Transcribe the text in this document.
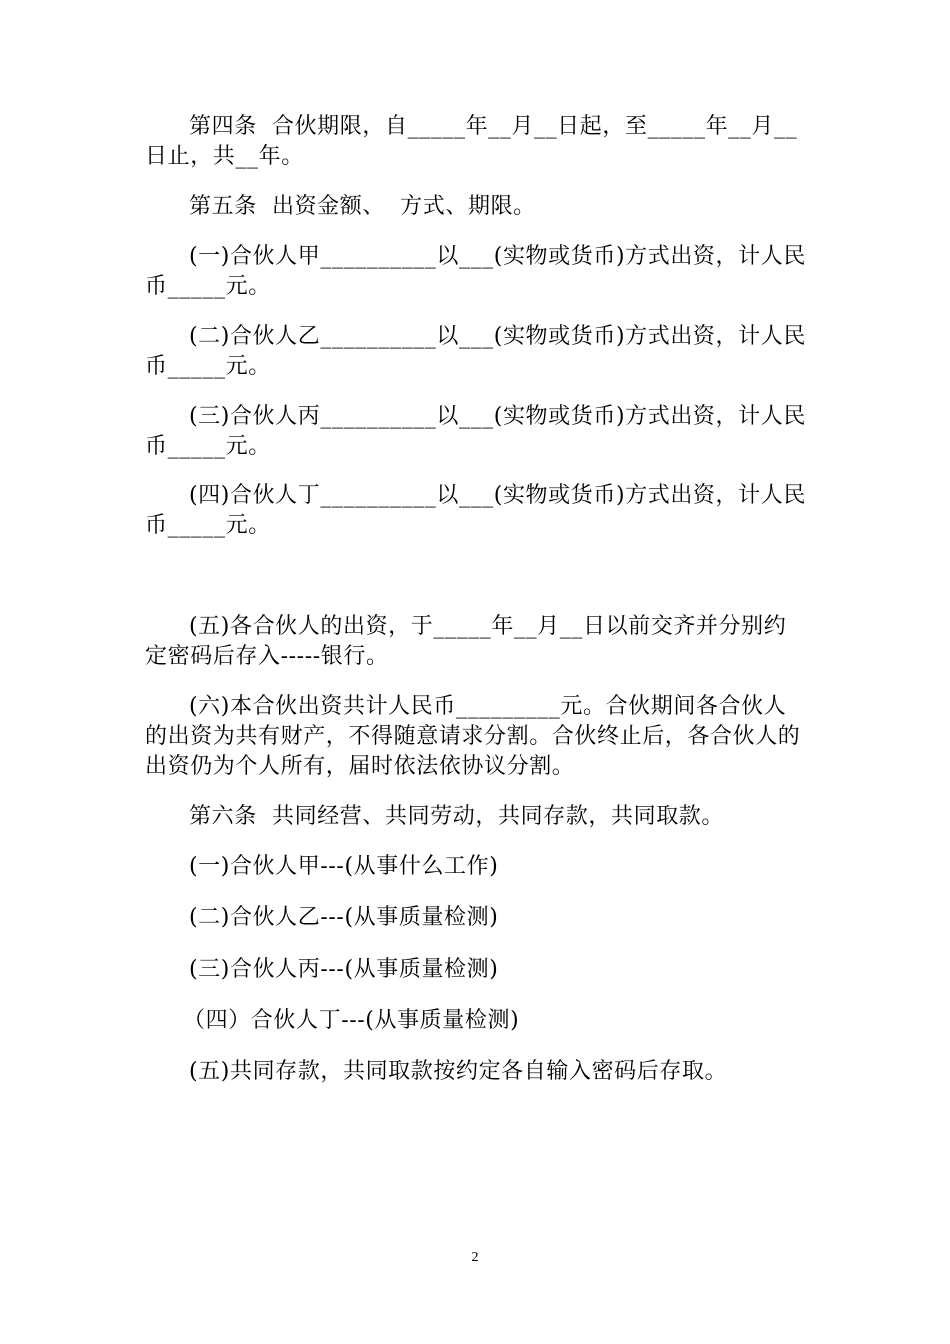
第四条  合伙期限，自_____年__月__日起，至_____年__月__日止，共__年。

第五条  出资金额、  方式、期限。

(一)合伙人甲__________以___(实物或货币)方式出资，计人民币_____元。

(二)合伙人乙__________以___(实物或货币)方式出资，计人民币_____元。

(三)合伙人丙__________以___(实物或货币)方式出资，计人民币_____元。

(四)合伙人丁__________以___(实物或货币)方式出资，计人民币_____元。

(五)各合伙人的出资，于_____年__月__日以前交齐并分别约定密码后存入-----银行。

(六)本合伙出资共计人民币_________元。合伙期间各合伙人的出资为共有财产，不得随意请求分割。合伙终止后，各合伙人的出资仍为个人所有，届时依法依协议分割。

第六条  共同经营、共同劳动，共同存款，共同取款。

(一)合伙人甲---(从事什么工作)

(二)合伙人乙---(从事质量检测)

(三)合伙人丙---(从事质量检测)

（四）合伙人丁---(从事质量检测)

(五)共同存款，共同取款按约定各自输入密码后存取。

2
